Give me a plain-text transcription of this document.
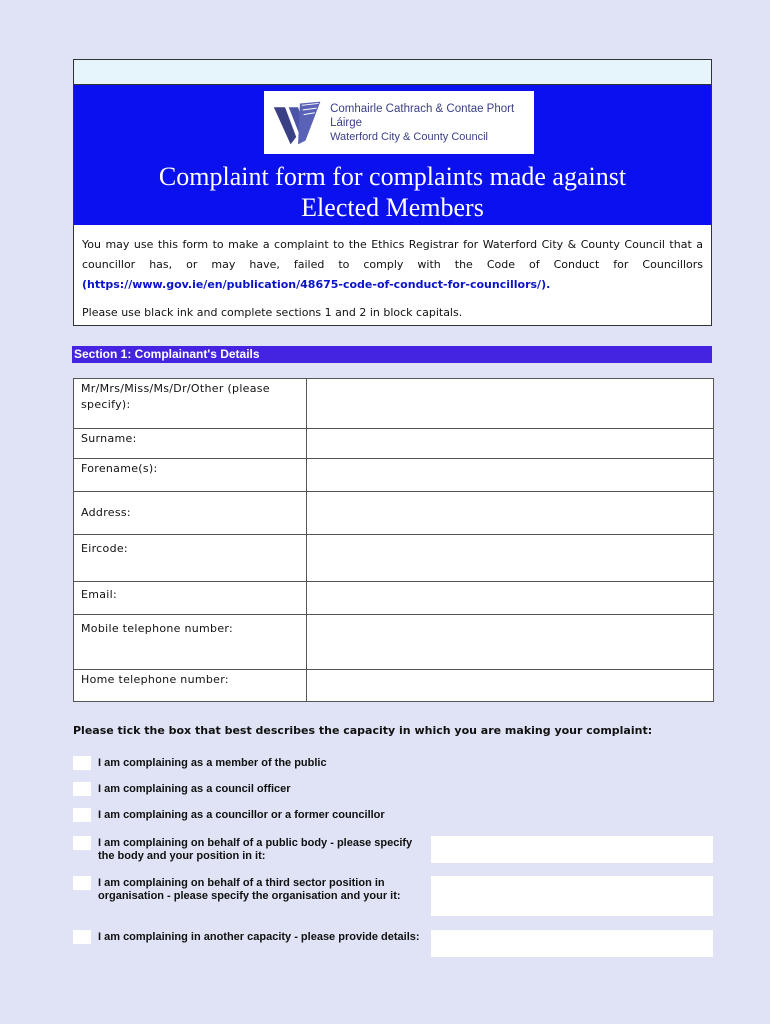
Comhairle Cathrach & Contae Phort Láirge
Waterford City & County Council
Complaint form for complaints made against
Elected Members

You may use this form to make a complaint to the Ethics Registrar for Waterford City & County Council that a councillor has, or may have, failed to comply with the Code of Conduct for Councillors (https://www.gov.ie/en/publication/48675-code-of-conduct-for-councillors/).

Please use black ink and complete sections 1 and 2 in block capitals.

Section 1: Complainant's Details
Mr/Mrs/Miss/Ms/Dr/Other (please specify):	
Surname:	
Forename(s):	
Address:	
Eircode:	
Email:	
Mobile telephone number:	
Home telephone number:	
Please tick the box that best describes the capacity in which you are making your complaint:
I am complaining as a member of the public
I am complaining as a council officer
I am complaining as a councillor or a former councillor
I am complaining on behalf of a public body - please specify the body and your position in it:
I am complaining on behalf of a third sector position in organisation - please specify the organisation and your it:
I am complaining in another capacity - please provide details:
